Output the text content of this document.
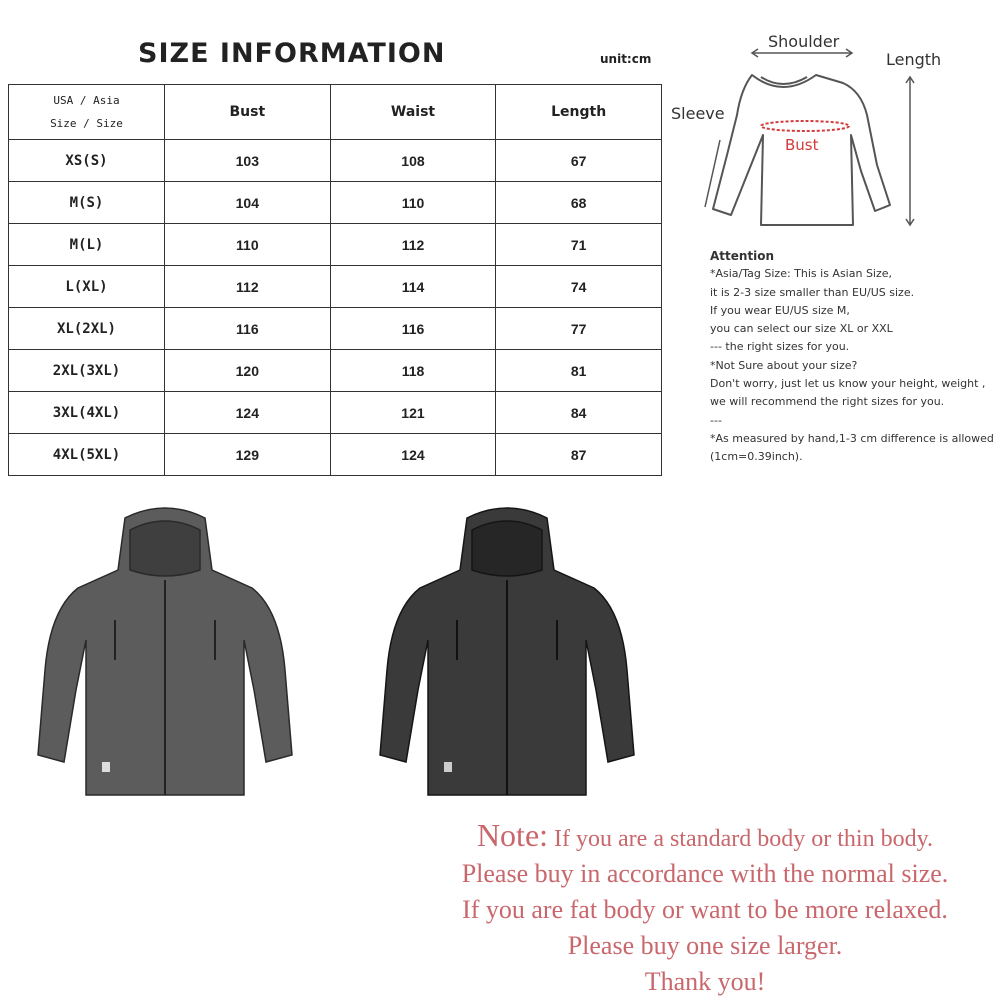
SIZE INFORMATION	unit:cm
USA / Asia
Size / Size	Bust	Waist	Length
XS(S)	103	108	67
M(S)	104	110	68
M(L)	110	112	71
L(XL)	112	114	74
XL(2XL)	116	116	77
2XL(3XL)	120	118	81
3XL(4XL)	124	121	84
4XL(5XL)	129	124	87
Shoulder
Length
Sleeve
Bust
Attention
*Asia/Tag Size: This is Asian Size,
it is 2-3 size smaller than EU/US size.
If you wear EU/US size M,
you can select our size XL or XXL
--- the right sizes for you.
*Not Sure about your size?
Don't worry, just let us know your height, weight ,
we will recommend the right sizes for you.
---
*As measured by hand,1-3 cm difference is allowed
(1cm=0.39inch).
Note: If you are a standard body or thin body.
Please buy in accordance with the normal size.
If you are fat body or want to be more relaxed.
Please buy one size larger.
Thank you!
